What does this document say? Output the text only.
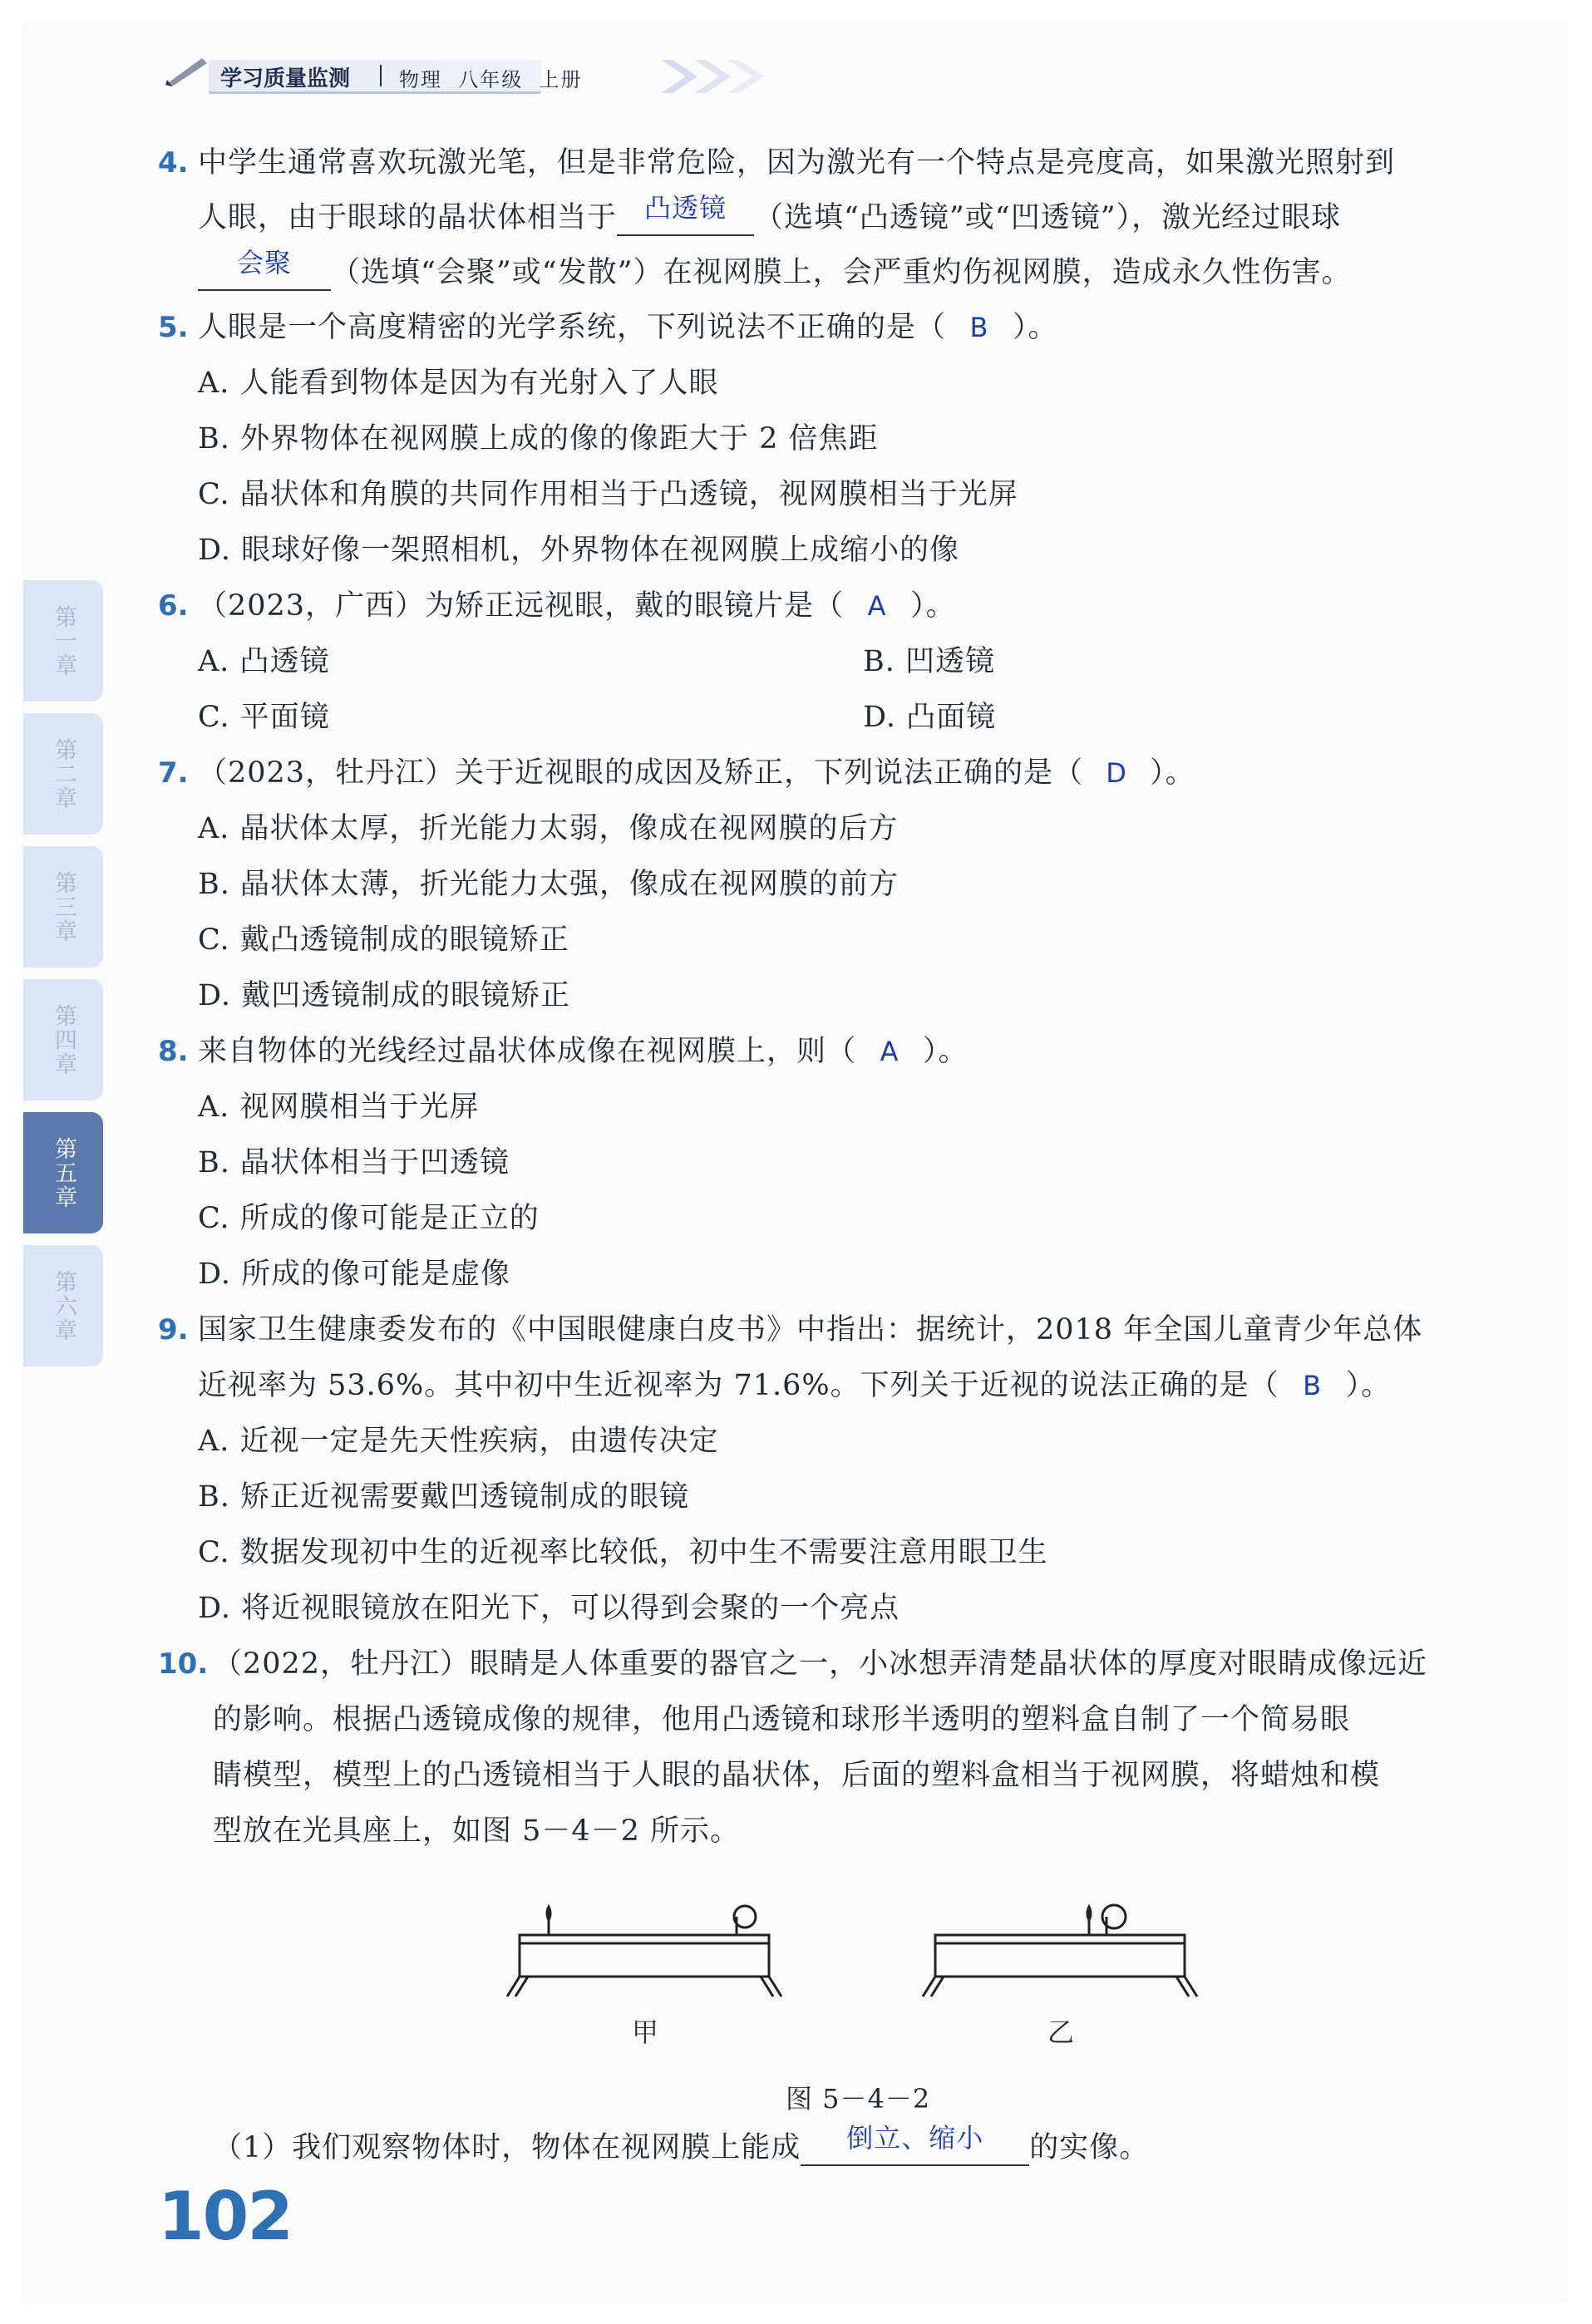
学习质量监测 物理 八年级 上册
第一章
第二章
第三章
第四章
第五章
第六章
4. 中学生通常喜欢玩激光笔，但是非常危险，因为激光有一个特点是亮度高，如果激光照射到
人眼，由于眼球的晶状体相当于	凸透镜 （选填“凸透镜”或“凹透镜”），激光经过眼球
会聚	（选填“会聚”或“发散”）在视网膜上，会严重灼伤视网膜，造成永久性伤害。
5. 人眼是一个高度精密的光学系统，下列说法不正确的是（ B ）。
A. 人能看到物体是因为有光射入了人眼
B. 外界物体在视网膜上成的像的像距大于 2 倍焦距
C. 晶状体和角膜的共同作用相当于凸透镜，视网膜相当于光屏
D. 眼球好像一架照相机，外界物体在视网膜上成缩小的像
6. （2023，广西）为矫正远视眼，戴的眼镜片是（ A ）。
A. 凸透镜	B. 凹透镜
C. 平面镜	D. 凸面镜
7. （2023，牡丹江）关于近视眼的成因及矫正，下列说法正确的是（ D ）。
A. 晶状体太厚，折光能力太弱，像成在视网膜的后方
B. 晶状体太薄，折光能力太强，像成在视网膜的前方
C. 戴凸透镜制成的眼镜矫正
D. 戴凹透镜制成的眼镜矫正
8. 来自物体的光线经过晶状体成像在视网膜上，则（ A ）。
A. 视网膜相当于光屏
B. 晶状体相当于凹透镜
C. 所成的像可能是正立的
D. 所成的像可能是虚像
9. 国家卫生健康委发布的《中国眼健康白皮书》中指出：据统计，2018 年全国儿童青少年总体
近视率为 53.6%。其中初中生近视率为 71.6%。下列关于近视的说法正确的是（ B ）。
A. 近视一定是先天性疾病，由遗传决定
B. 矫正近视需要戴凹透镜制成的眼镜
C. 数据发现初中生的近视率比较低，初中生不需要注意用眼卫生
D. 将近视眼镜放在阳光下，可以得到会聚的一个亮点
10. （2022，牡丹江）眼睛是人体重要的器官之一，小冰想弄清楚晶状体的厚度对眼睛成像远近
的影响。根据凸透镜成像的规律，他用凸透镜和球形半透明的塑料盒自制了一个简易眼
睛模型，模型上的凸透镜相当于人眼的晶状体，后面的塑料盒相当于视网膜，将蜡烛和模
型放在光具座上，如图 5－4－2 所示。
（1）我们观察物体时，物体在视网膜上能成	倒立、缩小	的实像。
甲	乙
图 5－4－2
102
